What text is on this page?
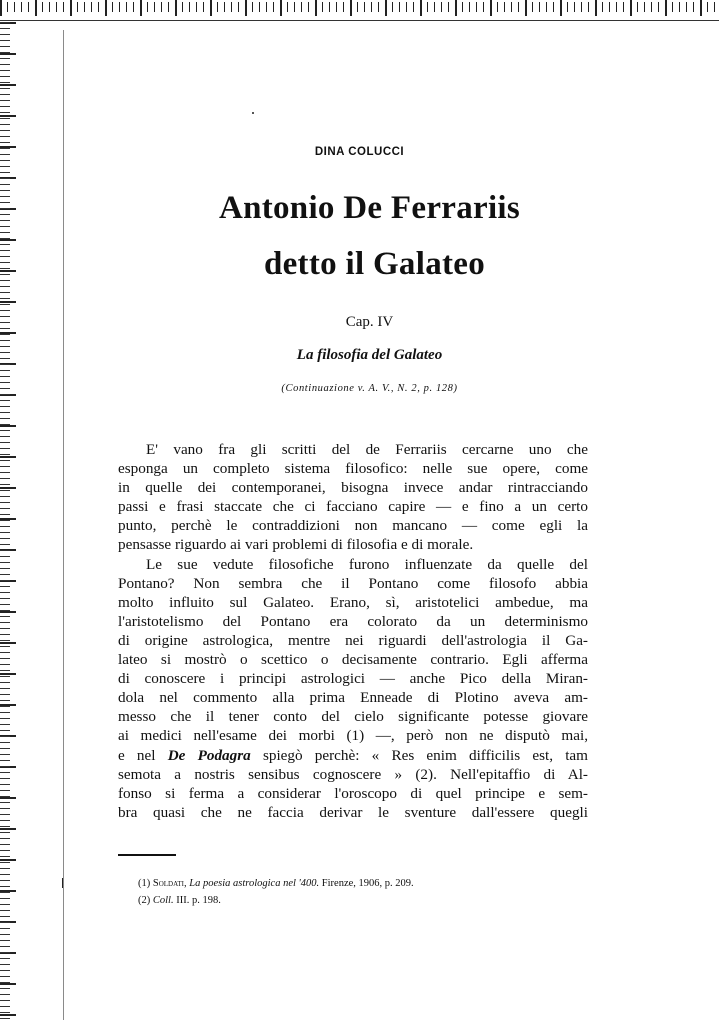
DINA COLUCCI
Antonio De Ferrariis
detto il Galateo
Cap. IV
La filosofia del Galateo
(Continuazione v. A. V., N. 2, p. 128)
E' vano fra gli scritti del de Ferrariis cercarne uno che
esponga un completo sistema filosofico: nelle sue opere, come
in quelle dei contemporanei, bisogna invece andar rintracciando
passi e frasi staccate che ci facciano capire — e fino a un certo
punto, perchè le contraddizioni non mancano — come egli la
pensasse riguardo ai vari problemi di filosofia e di morale.
Le sue vedute filosofiche furono influenzate da quelle del
Pontano? Non sembra che il Pontano come filosofo abbia
molto influito sul Galateo. Erano, sì, aristotelici ambedue, ma
l'aristotelismo del Pontano era colorato da un determinismo
di origine astrologica, mentre nei riguardi dell'astrologia il Ga-
lateo si mostrò o scettico o decisamente contrario. Egli afferma
di conoscere i principi astrologici — anche Pico della Miran-
dola nel commento alla prima Enneade di Plotino aveva am-
messo che il tener conto del cielo significante potesse giovare
ai medici nell'esame dei morbi (1) —, però non ne disputò mai,
e nel De Podagra spiegò perchè: « Res enim difficilis est, tam
semota a nostris sensibus cognoscere » (2). Nell'epitaffio di Al-
fonso si ferma a considerar l'oroscopo di quel principe e sem-
bra quasi che ne faccia derivar le sventure dall'essere quegli
(1) Soldati, La poesia astrologica nel '400. Firenze, 1906, p. 209.
(2) Coll. III. p. 198.
